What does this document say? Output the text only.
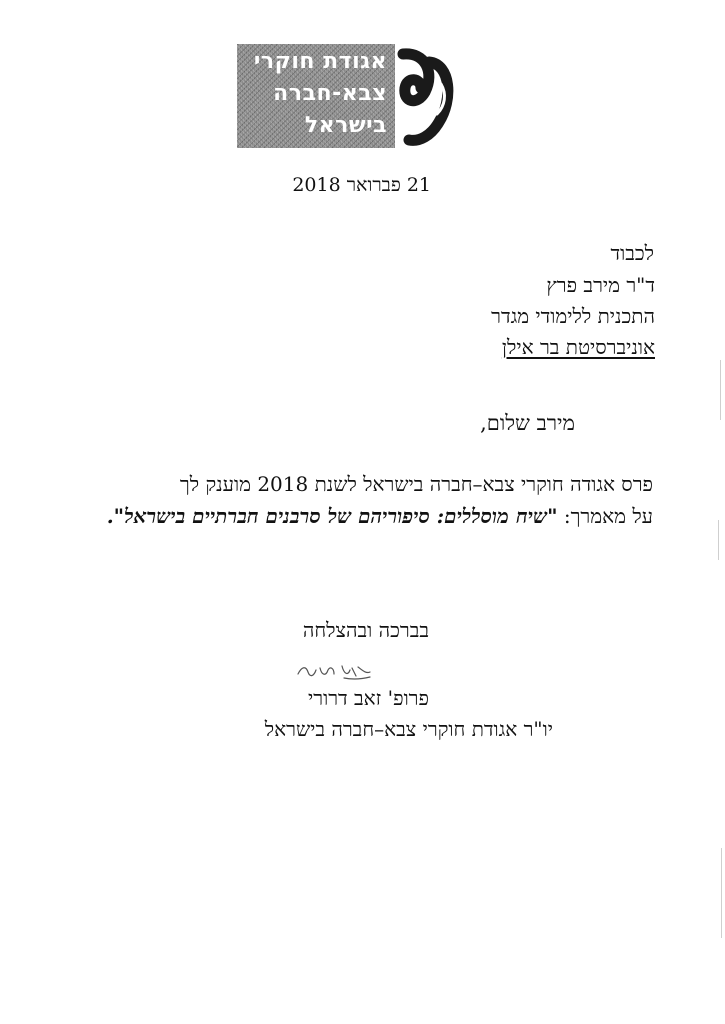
אגודת חוקרי
צבא-חברה
בישראל
21 פברואר 2018
לכבוד
ד"ר מירב פרץ
התכנית ללימודי מגדר
אוניברסיטת בר אילן
מירב שלום,
פרס אגודה חוקרי צבא–חברה בישראל לשנת 2018 מוענק לך
על מאמרך: "שיח מוסללים: סיפוריהם של סרבנים חברתיים בישראל".
בברכה ובהצלחה
פרופ' זאב דרורי
יו"ר אגודת חוקרי צבא–חברה בישראל
